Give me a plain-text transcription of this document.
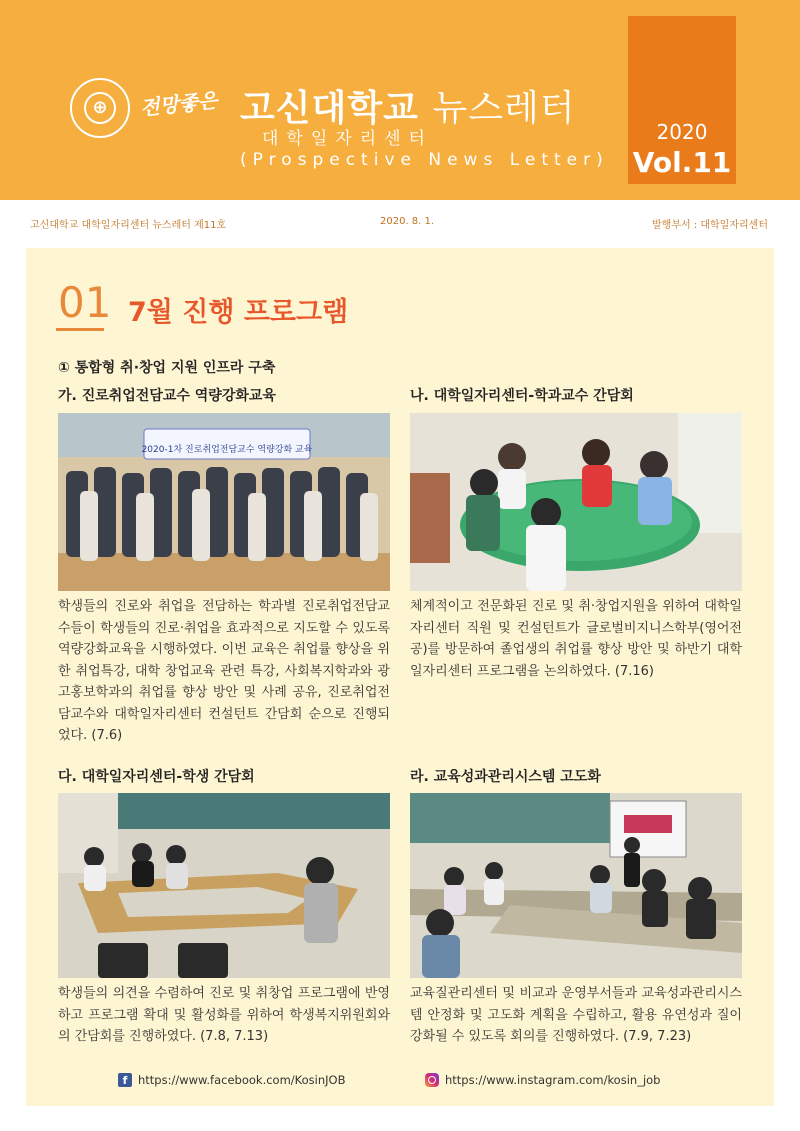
⊕	전망좋은 고신대학교 뉴스레터
대학일자리센터
(Prospective News Letter)
2020
Vol.11
고신대학교 대학일자리센터 뉴스레터 제11호	2020. 8. 1.	발행부서 : 대학일자리센터
01 7월 진행 프로그램
① 통합형 취·창업 지원 인프라 구축
가. 진로취업전담교수 역량강화교육
2020-1차 진로취업전담교수 역량강화 교육
학생들의 진로와 취업을 전담하는 학과별 진로취업전담교수들이 학생들의 진로·취업을 효과적으로 지도할 수 있도록 역량강화교육을 시행하였다. 이번 교육은 취업률 향상을 위한 취업특강, 대학 창업교육 관련 특강, 사회복지학과와 광고홍보학과의 취업률 향상 방안 및 사례 공유, 진로취업전담교수와 대학일자리센터 컨설턴트 간담회 순으로 진행되었다. (7.6)
나. 대학일자리센터-학과교수 간담회
체계적이고 전문화된 진로 및 취·창업지원을 위하여 대학일자리센터 직원 및 컨설턴트가 글로벌비지니스학부(영어전공)를 방문하여 졸업생의 취업률 향상 방안 및 하반기 대학일자리센터 프로그램을 논의하였다. (7.16)
다. 대학일자리센터-학생 간담회
학생들의 의견을 수렴하여 진로 및 취창업 프로그램에 반영하고 프로그램 확대 및 활성화를 위하여 학생복지위원회와의 간담회를 진행하였다. (7.8, 7.13)
라. 교육성과관리시스템 고도화
교육질관리센터 및 비교과 운영부서들과 교육성과관리시스템 안정화 및 고도화 계획을 수립하고, 활용 유연성과 질이 강화될 수 있도록 회의를 진행하였다. (7.9, 7.23)
f https://www.facebook.com/KosinJOB	https://www.instagram.com/kosin_job
